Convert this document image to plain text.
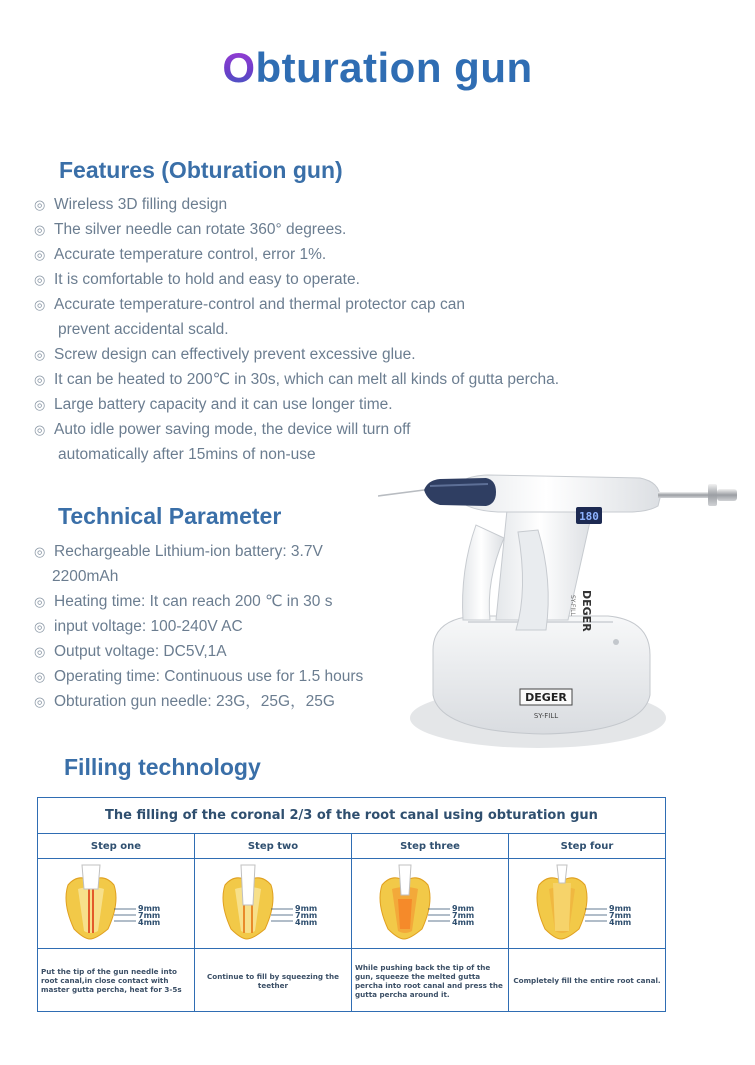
Obturation gun
Features (Obturation gun)
◎ Wireless 3D filling design
◎ The silver needle can rotate 360° degrees.
◎ Accurate temperature control, error 1%.
◎ It is comfortable to hold and easy to operate.
◎ Accurate temperature-control and thermal protector cap can
prevent accidental scald.
◎ Screw design can effectively prevent excessive glue.
◎ It can be heated to 200℃ in 30s, which can melt all kinds of gutta percha.
◎ Large battery capacity and it can use longer time.
◎ Auto idle power saving mode, the device will turn off
automatically after 15mins of non-use
Technical Parameter
◎ Rechargeable Lithium-ion battery: 3.7V
2200mAh
◎ Heating time: It can reach 200 ℃ in 30 s
◎ input voltage: 100-240V AC
◎ Output voltage: DC5V,1A
◎ Operating time: Continuous use for 1.5 hours
◎ Obturation gun needle: 23G，25G，25G
180
DEGER
SY-FILL
DEGER
SY-FILL
Filling technology
The filling of the coronal 2/3 of the root canal using obturation gun
Step one
9mm
7mm
4mm
Put the tip of the gun needle into root canal,in close contact with master gutta percha, heat for 3-5s
Step two
9mm
7mm
4mm
Continue to fill by squeezing the teether
Step three
9mm
7mm
4mm
While pushing back the tip of the gun, squeeze the melted gutta percha into root canal and press the gutta percha around it.
Step four
9mm
7mm
4mm
Completely fill the entire root canal.
